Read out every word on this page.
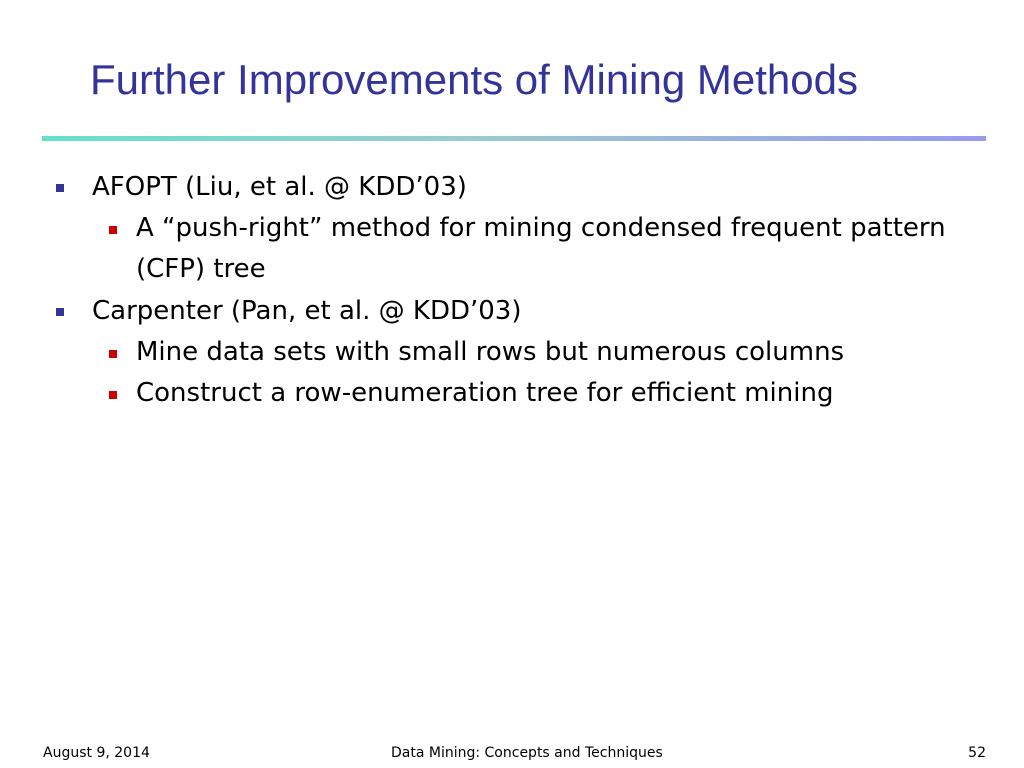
Further Improvements of Mining Methods
AFOPT (Liu, et al. @ KDD’03)
A “push-right” method for mining condensed frequent pattern (CFP) tree
Carpenter (Pan, et al. @ KDD’03)
Mine data sets with small rows but numerous columns
Construct a row-enumeration tree for efficient mining
August 9, 2014	Data Mining: Concepts and Techniques	52
